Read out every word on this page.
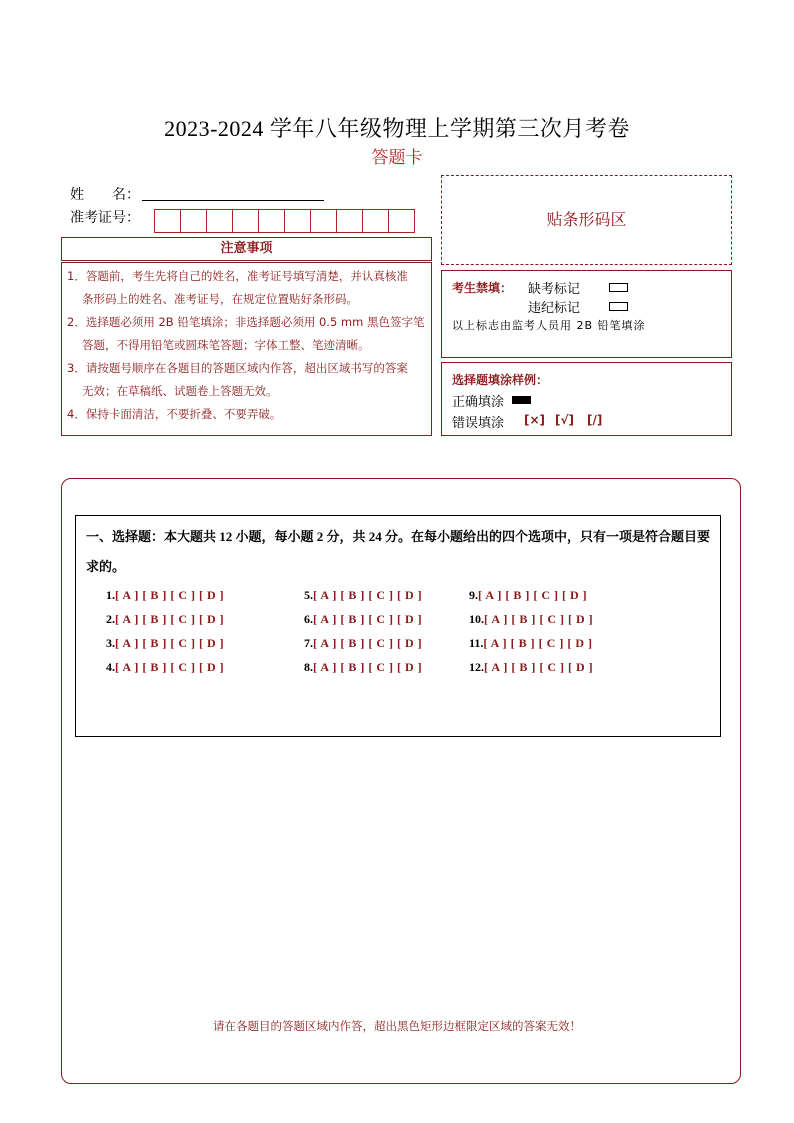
2023-2024 学年八年级物理上学期第三次月考卷
答题卡
姓　　名：
准考证号：
注意事项
1．答题前，考生先将自己的姓名，准考证号填写清楚，并认真核准
条形码上的姓名、准考证号，在规定位置贴好条形码。
2．选择题必须用 2B 铅笔填涂；非选择题必须用 0.5 mm 黑色签字笔
答题，不得用铅笔或圆珠笔答题；字体工整、笔迹清晰。
3．请按题号顺序在各题目的答题区域内作答，超出区域书写的答案
无效；在草稿纸、试题卷上答题无效。
4．保持卡面清洁，不要折叠、不要弄破。
贴条形码区
考生禁填： 缺考标记
违纪标记
以上标志由监考人员用 2B 铅笔填涂
选择题填涂样例：
正确填涂
错误填涂 [×] [√] [/]
一、选择题：本大题共 12 小题，每小题 2 分，共 24 分。在每小题给出的四个选项中，只有一项是符合题目要求的。
1.[ A ] [ B ] [ C ] [ D ]
2.[ A ] [ B ] [ C ] [ D ]
3.[ A ] [ B ] [ C ] [ D ]
4.[ A ] [ B ] [ C ] [ D ]
5.[ A ] [ B ] [ C ] [ D ]
6.[ A ] [ B ] [ C ] [ D ]
7.[ A ] [ B ] [ C ] [ D ]
8.[ A ] [ B ] [ C ] [ D ]
9.[ A ] [ B ] [ C ] [ D ]
10.[ A ] [ B ] [ C ] [ D ]
11.[ A ] [ B ] [ C ] [ D ]
12.[ A ] [ B ] [ C ] [ D ]
请在各题目的答题区域内作答，超出黑色矩形边框限定区域的答案无效！
